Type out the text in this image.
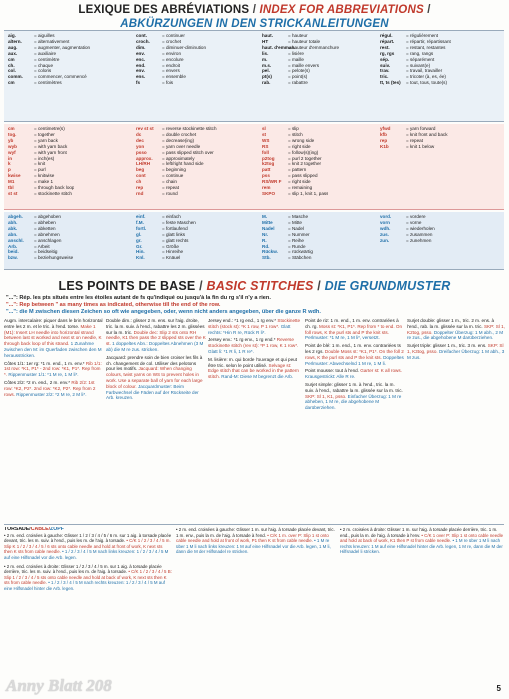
LEXIQUE DES ABRÉVIATIONS / INDEX FOR ABBREVIATIONS /
ABKÜRZUNGEN IN DEN STRICKANLEITUNGEN
aig.	= aiguilles
altern.	= alternativement
aug.	= augmenter, augmentation
aux.	= auxiliaire
cm	= centimètre
ch.	= chaque
col.	= coloris
comm. = commencer, commencé
cm	= centimètres
cont.	= continuer
croch.	= crochet
dim.	= diminuer-diminution
env.	= environ
enc.	= encolure
end.	= endroit
env.	= envers
ens.	= ensemble
fs	= fois
haut.	= hauteur
HT	= hauteur totale
haut. d'emman.= hauteur d'emmanchure
lis.	= lisière
m.	= maille
m.s.	= maille envers
pel.	= pelote(s)
pt(s)	= point(s)
rab.	= rabattre
régul.	= régulièrement
répart.	= répartir, répartissant
rest.	= restant, restantes
rg, rgs	= rang, rangs
sép.	= séparément
suiv.	= suivant(e)
trav.	= travail, travailler
tric.	= tricoter (à, es, ée)
tt, ts (tes) = tout, tous, toute(s)
cm	= centimetre(s)
tog.	= together
yb	= yarn back
wyb	= with yarn back
wyf	= with yarn front
in	= inch(es)
k	= knit
p	= purl
kwise	= knitwise
M1	= make 1
tbl	= through back loop
st st	= stockinette stitch
rev st st = reverse stockinette stitch
dc	= double crochet
dec	= decrease(ing)
yon	= yarn over needle
psso	= pass slipped stitch over
approx. = approximately
LH/RH	= left/right hand side
beg	= beginning
cont	= continue
ch	= chain
rep	= repeat
rnd	= round
sl	= slip
st	= stitch
WS	= wrong side
RS	= right side
foll	= follow(s)(ing)
p2tog	= purl 2 together
k2tog	= knit 2 together
patt	= pattern
pss	= pass slipped
RS/WR F = right side
rem	= remaining
SKPO	= slip 1, knit 1, pass
yfwd	= yarn forward
kfb	= knit front and back
rep	= repeat
K1b	= knit 1 below
abgeh. = abgehoben
abh.	= abheben
abk.	= abketten
abn.	= abnehmen
anschl. = anschlagen
Arb.	= Arbeit
beid.	= beidseitig
bzw.	= beziehungsweise
einf.	= einfach
f.M.	= feste Maschen
fortl.	= fortlaufend
gl.	= glatt links
gr.	= glatt rechts
Gr.	= Größe
Hin.	= Hinreihe
Knl.	= Knäuel
M.	= Masche
Mitte	= Mitte
Nadel	= Nadel
Nr.	= Nummer
R.	= Reihe
Rd.	= Runde
Rückw. = rückwärtig
Stb.	= Stäbchen
vord.	= vordere
vorn	= vorne
wdh.	= wiederholen
zus.	= zusammen
zun.	= zunehmen
LES POINTS DE BASE / BASIC STITCHES / DIE GRUNDMUSTER
"...": Rép. les pts situés entre les étoiles autant de fs qu'indiqué ou jusqu'à la fin du rg s'il n'y a rien.
"...": Rep between " as many times as indicated, otherwise till the end of the row.
"...": die M zwischen diesen Zeichen so oft wie angegeben, oder, wenn nicht anders angegeben, über die ganze R wdh.

Augm. intercalaire: piquer dans le brin horizontal entre les 2 m. et le tric. à l'end. torse. Make 1 (M1): Insert LH needle into horizontal strand between last st worked and next st on needle, K through back loop of this strand. 1 Zunahme zwischen den M: im Querfaden zwischen den M herausstricken.

Côtes 1/1: 1er rg: *1 m. end., 1 m. env.* Rib 1/1: 1st row: *K1, P1* - 2nd row: *K1, P1*. Rep from *. Rippenmuster 1/1: *1 M re, 1 M li*.

Côtes 2/2: *2 m. end., 2 m. env.* Rib 2/2: 1st row: *K2, P2*. 2nd row: *K2, P2*. Rep from 2 rows. Rippenmuster 2/2: *2 M re, 2 M li*.

Double dim.: glisser 2 m. ens. sur l'aig. droite, tric. la m. suiv. à l'end., rabattre les 2 m. glissées sur la m. tric. Double dec: Slip 2 sts onto RH needle, K1 then pass the 2 slipped sts over the K st. 1 doppeltes Abn.: Doppeltes Abnehmen (3 M ab) die M re zus. stricken.

Jacquard: prendre soin de bien croiser les fils à ch. changement de col. Utiliser des pelotons pour les motifs. Jacquard: When changing colours, twist yarns on WS to prevent holes in work. Use a separate ball of yarn for each large block of colour. Jacquardmuster: Beim Farbwechsel die Fäden auf der Rückseite der Arb. kreuzen.

Jersey end.: *1 rg end., 1 rg env.* Stockinette stitch (stock st): *K 1 row, P 1 row*. Glatt rechts: *Hin R re, Rück R li*.

Jersey env.: *1 rg env., 1 rg end.* Reverse stockinette stitch (rev st): *P 1 row, K 1 row*. Glatt li: *1 R li, 1 R re*.

M. lisière: m. qui borde l'ouvrage et qui peut être tric. selon le point utilisé. Selvage st: Edge stitch that can be worked in the pattern stitch. Rand-M: Diese M begrenzt die Arb.

Point de riz: 1 m. end., 1 m. env. contrariées à ch. rg. Moss st: *K1, P1*. Rep from * to end. On foll rows, K the purl sts and P the knit sts. Perlmuster: *1 M re, 1 M li*, versetzt.

Point de blé: 1 m. end., 1 m. env. contrariées ts les 2 rgs. Double Moss st: *K1, P1*. On the foll 2 rows, K the purl sts and P the knit sts. Doppeltes Perlmuster: Abwechselnd 1 M re, 1 M li.

Point mousse: tout à l'end. Garter st: K all rows. Krausgestrickt: Alle R re.

Surjet simple: glisser 1 m. à l'end., tric. la m. suiv. à l'end., rabattre la m. glissée sur la m. tric. SKP: Sl 1, K1, psso. Einfacher Überzug: 1 M re abheben, 1 M re, die abgehobene M darüberziehen.

Surjet double: glisser 1 m., tric. 2 m. ens. à l'end., rab. la m. glissée sur la m. tric. SKP: Sl 1, K2tog, psso. Doppelter Überzug: 1 M abh., 2 M re zus., die abgehobene M darüberziehen.

Surjet triple: glisser 1 m., tric. 3 m. ens. SKP: Sl 1, K3tog, psso. Dreifacher Überzug: 1 M abh., 3 M zus.

TORSADE/CABLE/ZOPF

• 2 m. end. croisées à gauche: Glisser 1 / 2 / 3 / 4 / 5 / 6 m. sur 1 aig. à torsade placée devant, tric. les m. suiv. à l'end., puis les m. de l'aig. à torsade. • C/K 1 / 2 / 3 / 4 / 5 m. Slip K 1 / 2 / 3 / 4 / 5 / 6 sts onto cable needle and hold at front of work, K next sts then K sts from cable needle. • 1 / 2 / 3 / 4 / 5 M nach links kreuzen: 1 / 2 / 3 / 4 / 5 M auf eine Hilfsnadel vor die Arb. legen.

• 2 m. end. croisées à droite: Glisser 1 / 2 / 3 / 4 / 5 m. sur 1 aig. à torsade placée derrière, tric. les m. suiv. à l'end., puis les m. de l'aig. à torsade. • C/K 1 / 2 / 3 / 4 / 5 B: Slip 1 / 2 / 3 / 4 / 5 sts onto cable needle and hold at back of work, K next sts then K sts from cable needle. • 1 / 2 / 3 / 4 / 5 M nach rechts kreuzen: 1 / 2 / 3 / 4 / 5 M auf eine Hilfsnadel hinter die Arb. legen.

• 2 m. end. croisées à gauche: Glisser 1 m. sur l'aig. à torsade placée devant, tric. 1 m. env., puis la m. de l'aig. à torsade à l'end. • C/K 1 m. over P: Slip 1 st onto cable needle and hold at front of work, P1 then K st from cable needle. • 1 M re über 1 M li nach links kreuzen: 1 M auf eine Hilfsnadel vor die Arb. legen, 1 M li, dann die M der Hilfsnadel re stricken.

• 2 m. croisées à droite: Glisser 1 m. sur l'aig. à torsade placée derrière, tric. 1 m. end., puis la m. de l'aig. à torsade à l'env. • C/K 1 over P: Slip 1 st onto cable needle and hold at back of work, K1 then P st from cable needle. • 1 M re über 1 M li nach rechts kreuzen: 1 M auf eine Hilfsnadel hinter die Arb. legen, 1 M re, dann die M der Hilfsnadel li stricken.

Anny Blatt 208	5
